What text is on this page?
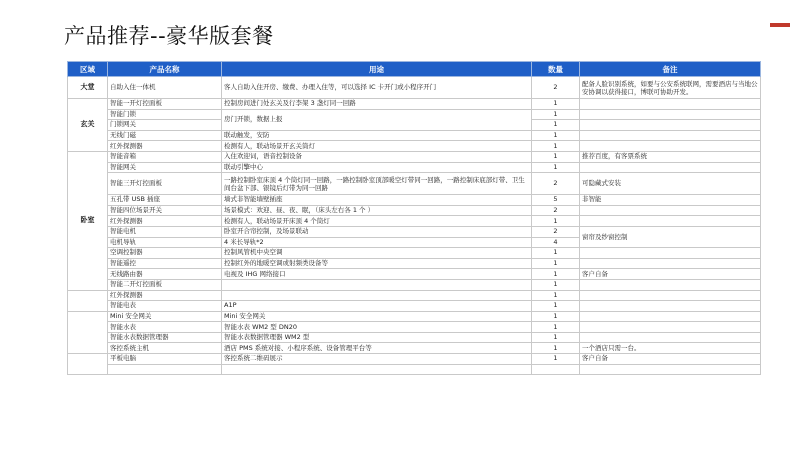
产品推荐--豪华版套餐
区域	产品名称	用途	数量	备注
大堂	自助入住一体机	客人自助入住开房、缴费、办理入住等，可以选择 IC 卡开门或小程序开门	2	配备人脸识别系统，如要与公安系统联网，需要酒店与当地公安协调以获得接口，博联可协助开发。
玄关	智能一开灯控面板	控制房间进门处玄关及行李架 3 盏灯同一回路	1	
	智能门锁	房门开锁，数据上报	1	
	门锁网关		1	
	无线门磁	联动触发，安防	1	
	红外探测器	检测有人，联动场景开玄关筒灯	1	
卧室	智能音箱	入住欢迎词，语音控制设备	1	推荐百度，有客票系统
	智能网关	联动引擎中心	1	
	智能三开灯控面板	一路控制卧室床顶 4 个筒灯同一回路，一路控制卧室顶部暖空灯带同一回路，一路控制床底部灯带、卫生间台盆下部、银镜后灯带为同一回路	2	可隐藏式安装
	五孔带 USB 插座	墙式非智能墙壁插座	5	非智能
	智能四位场景开关	场景模式：欢迎、昼、夜、眠，（床头左右各 1 个 ）	2	
	红外探测器	检测有人，联动场景开床顶 4 个筒灯	1	
	智能电机	卧室开合帘控制，及场景联动	2	窗帘及纱窗控制
	电机导轨	4 米长导轨*2	4	
	空调控制器	控制风管机中央空调	1	
	智能遥控	控制红外的地暖空调或射频类设备等	1	
	无线路由器	电视及 IHG 网络接口	1	客户自备
	智能二开灯控面板		1	
	红外探测器		1	
	智能电表	A1P	1	
	Mini 安全网关	Mini 安全网关	1	
	智能水表	智能水表 WM2 型 DN20	1	
	智能水表数据管理器	智能水表数据管理器 WM2 型	1	
	客控系统主机	酒店 PMS 系统对接、小程序系统、设备管理平台等	1	一个酒店只需一台。
	平板电脑	客控系统二维码展示	1	客户自备
